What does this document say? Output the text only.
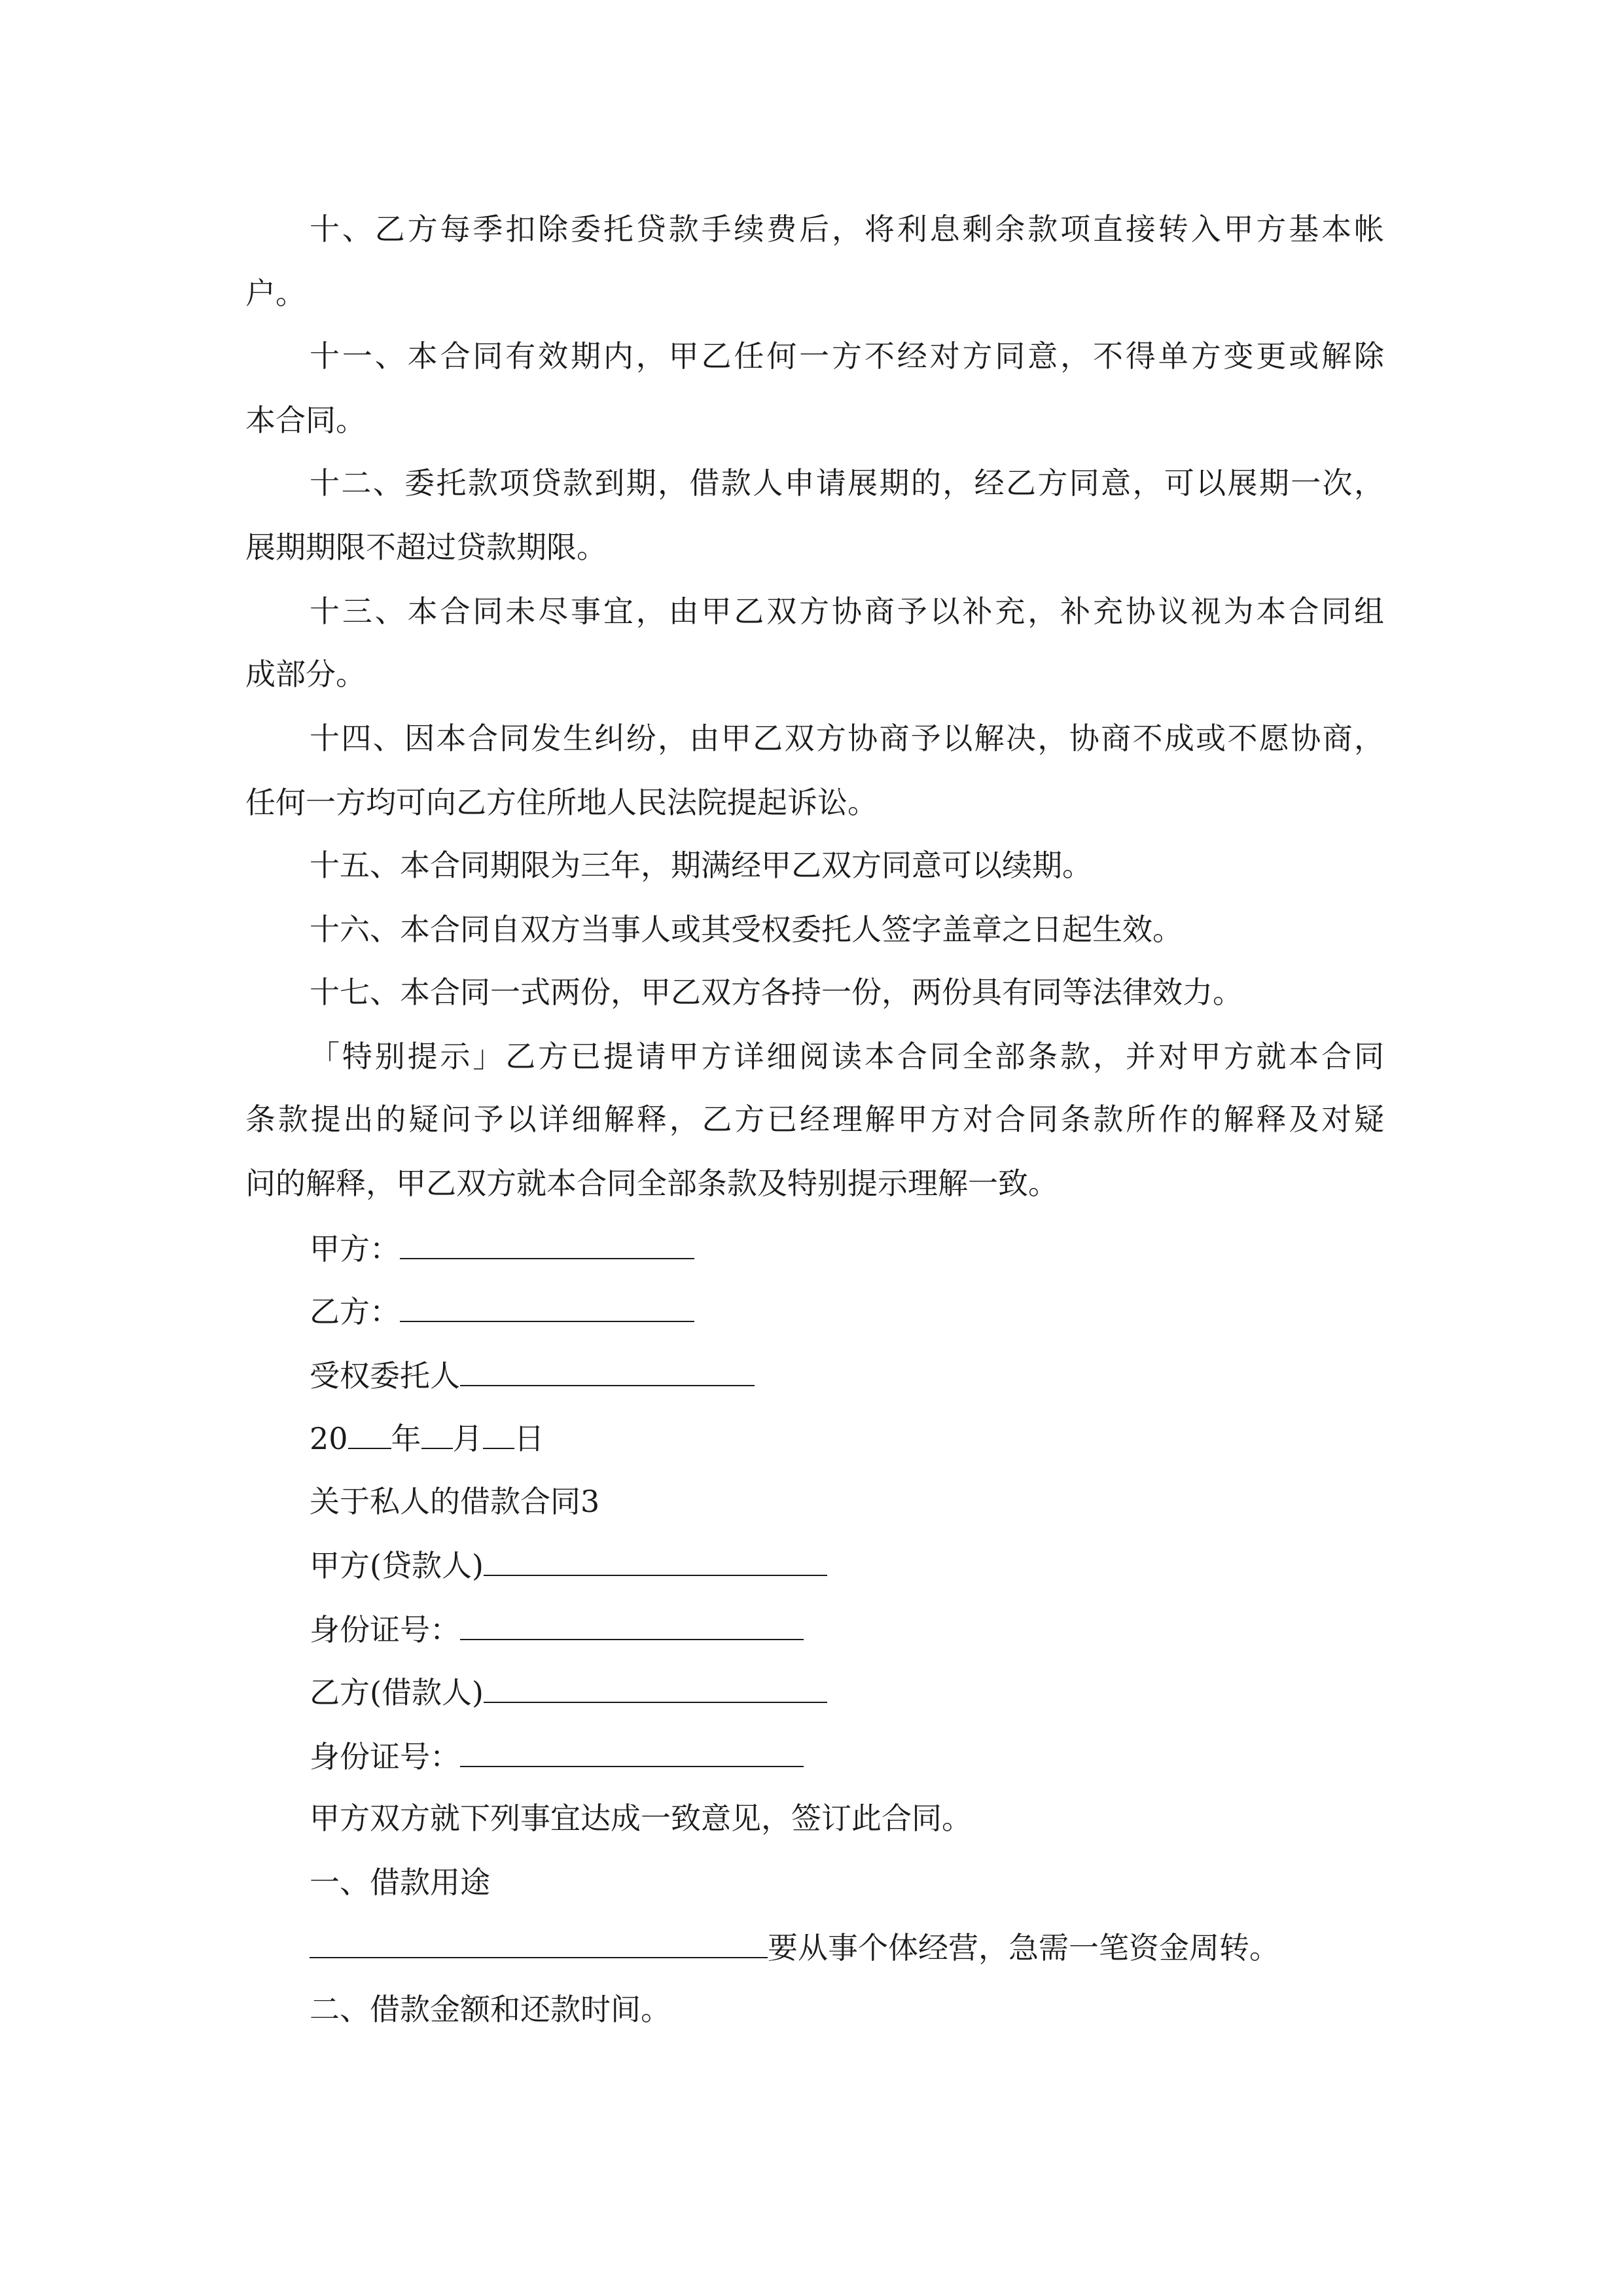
十、乙方每季扣除委托贷款手续费后，将利息剩余款项直接转入甲方基本帐
户。
十一、本合同有效期内，甲乙任何一方不经对方同意，不得单方变更或解除
本合同。
十二、委托款项贷款到期，借款人申请展期的，经乙方同意，可以展期一次，
展期期限不超过贷款期限。
十三、本合同未尽事宜，由甲乙双方协商予以补充，补充协议视为本合同组
成部分。
十四、因本合同发生纠纷，由甲乙双方协商予以解决，协商不成或不愿协商，
任何一方均可向乙方住所地人民法院提起诉讼。
十五、本合同期限为三年，期满经甲乙双方同意可以续期。
十六、本合同自双方当事人或其受权委托人签字盖章之日起生效。
十七、本合同一式两份，甲乙双方各持一份，两份具有同等法律效力。
「特别提示」乙方已提请甲方详细阅读本合同全部条款，并对甲方就本合同
条款提出的疑问予以详细解释，乙方已经理解甲方对合同条款所作的解释及对疑
问的解释，甲乙双方就本合同全部条款及特别提示理解一致。
甲方：
乙方：
受权委托人
20 年 月 日
关于私人的借款合同3
甲方(贷款人)
身份证号：
乙方(借款人)
身份证号：
甲方双方就下列事宜达成一致意见，签订此合同。
一、借款用途
要从事个体经营，急需一笔资金周转。
二、借款金额和还款时间。
